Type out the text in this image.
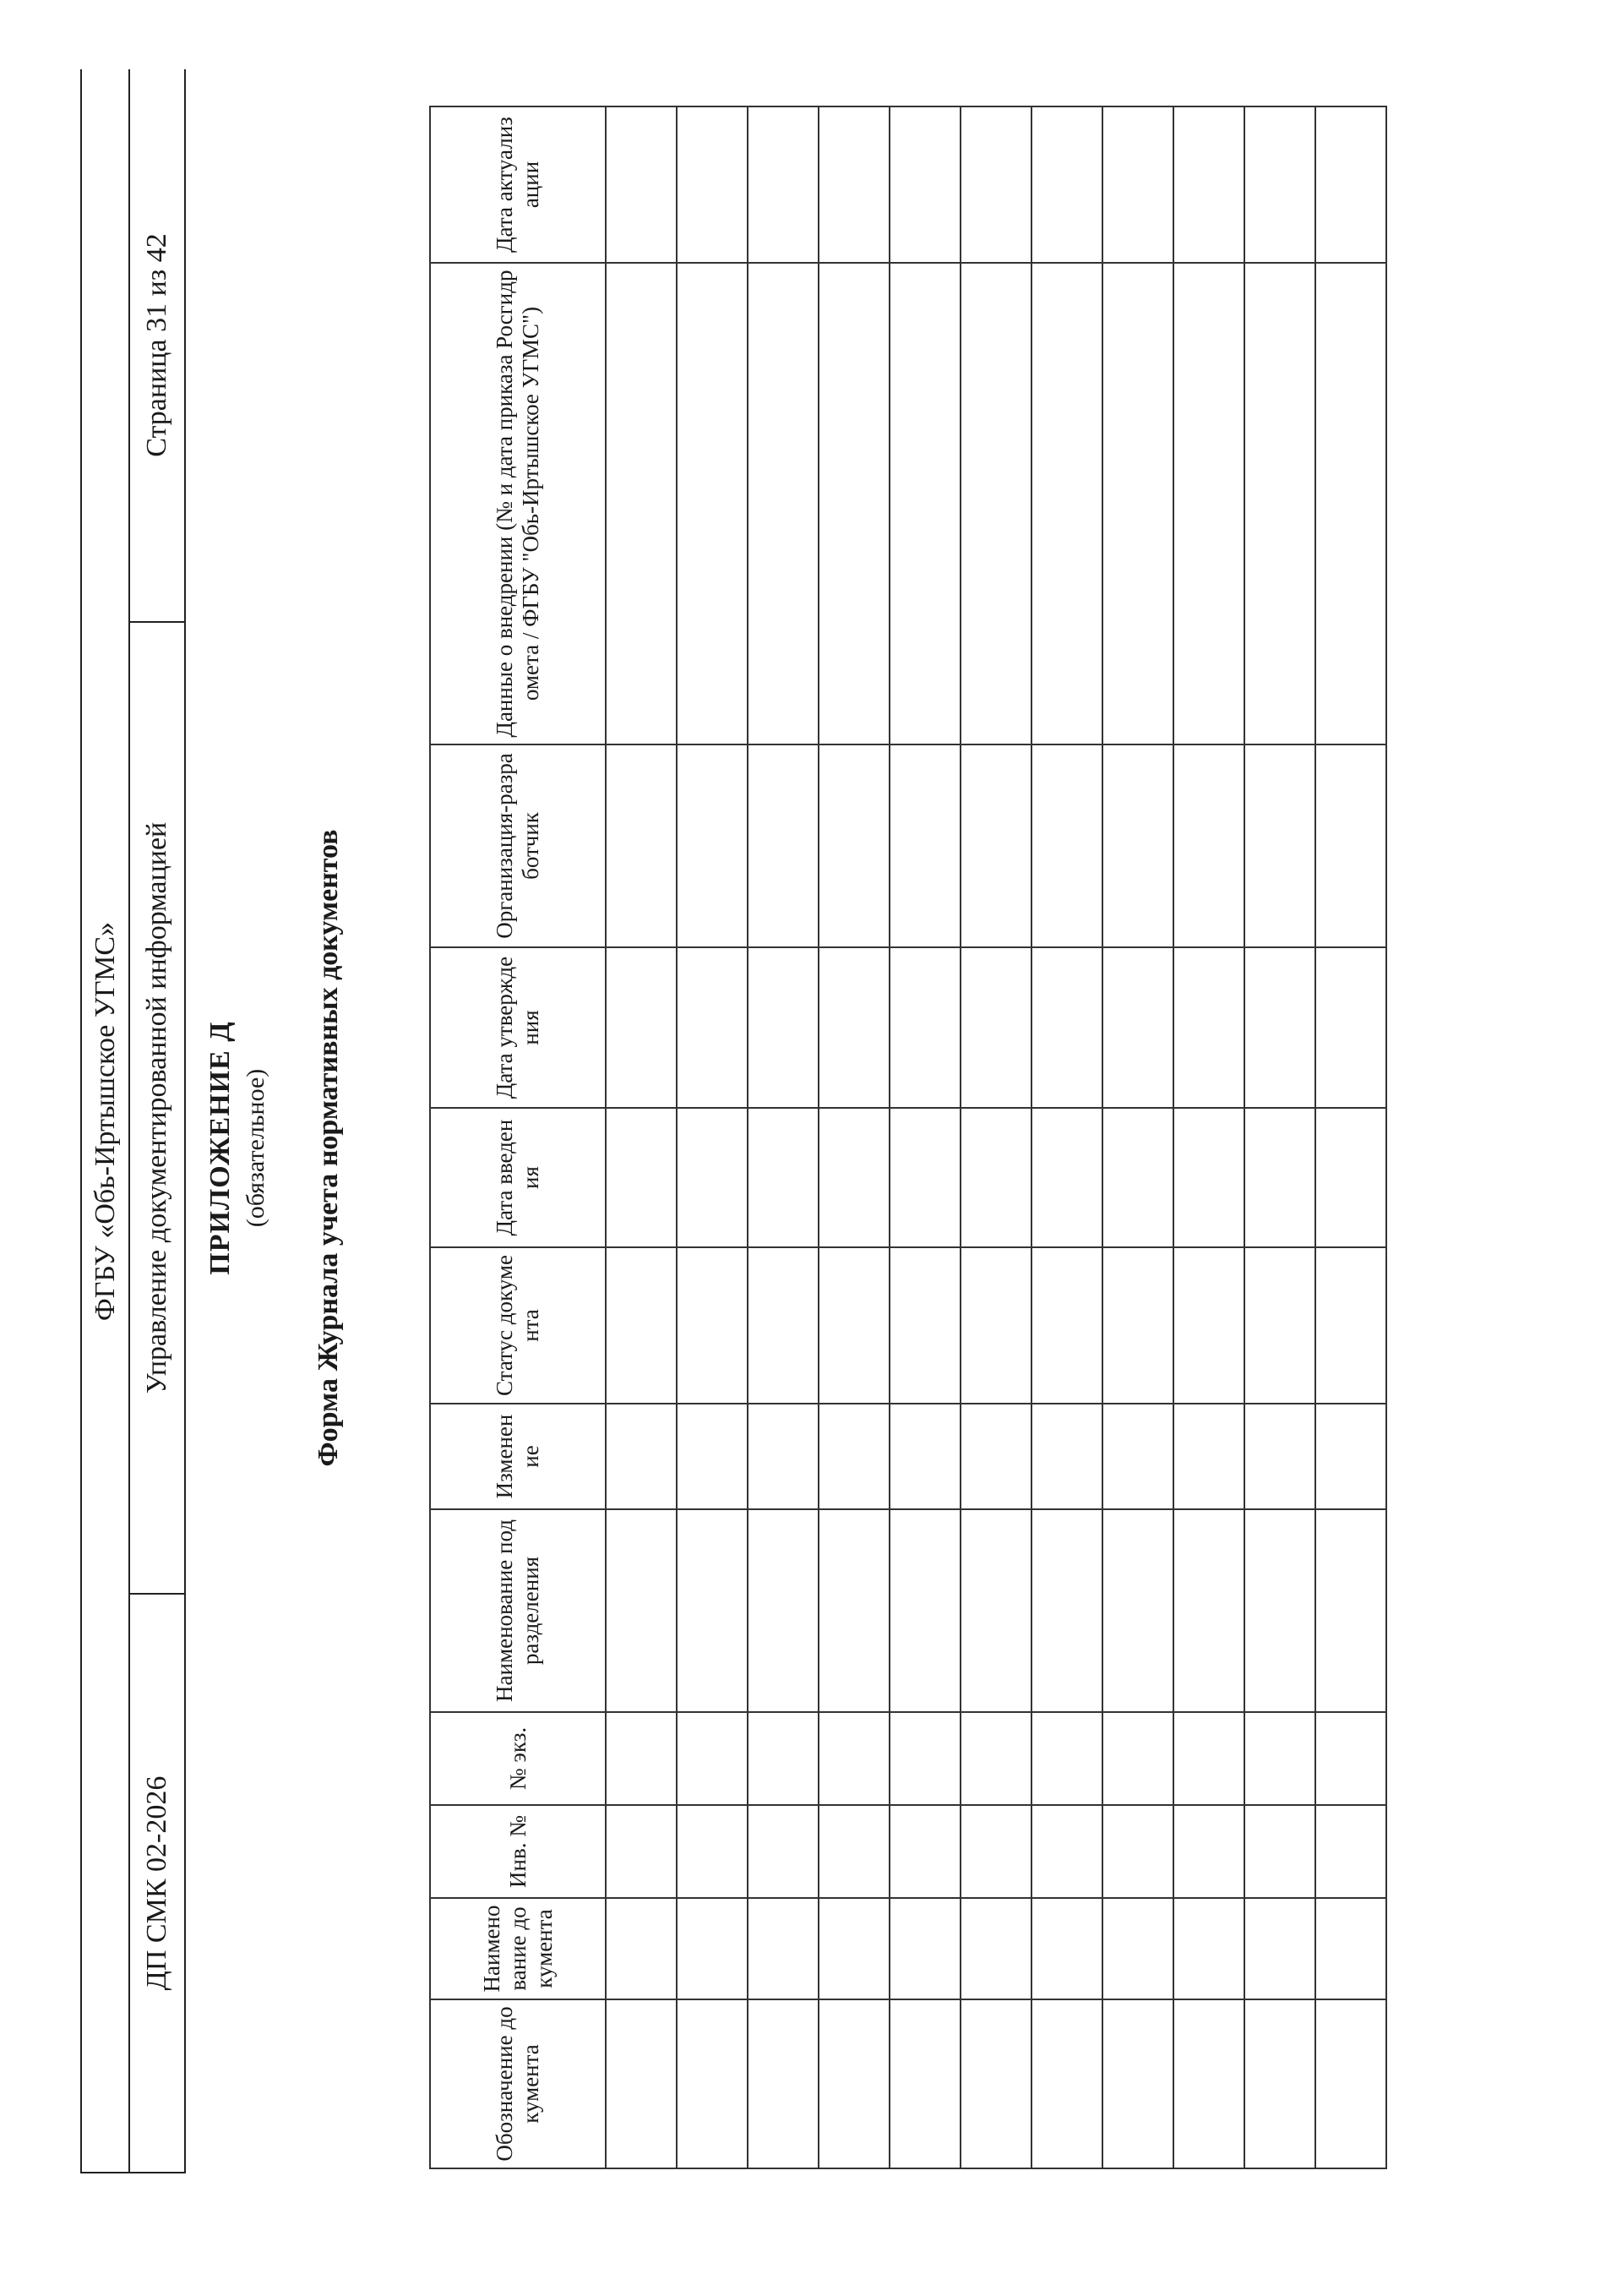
ФГБУ «Обь-Иртышское УГМС»
ДП СМК 02-2026
Управление документированной информацией
Страница 31 из 42
ПРИЛОЖЕНИЕ Д (обязательное) Форма Журнала учета нормативных документов
Обозначение документа	Наименование документа	Инв. №	№ экз.	Наименование подразделения	Изменение	Статус документа	Дата введения	Дата утверждения	Организация-разработчик	Данные о внедрении (№ и дата приказа Росгидромета / ФГБУ "Обь-Иртышское УГМС")	Дата актуализации
